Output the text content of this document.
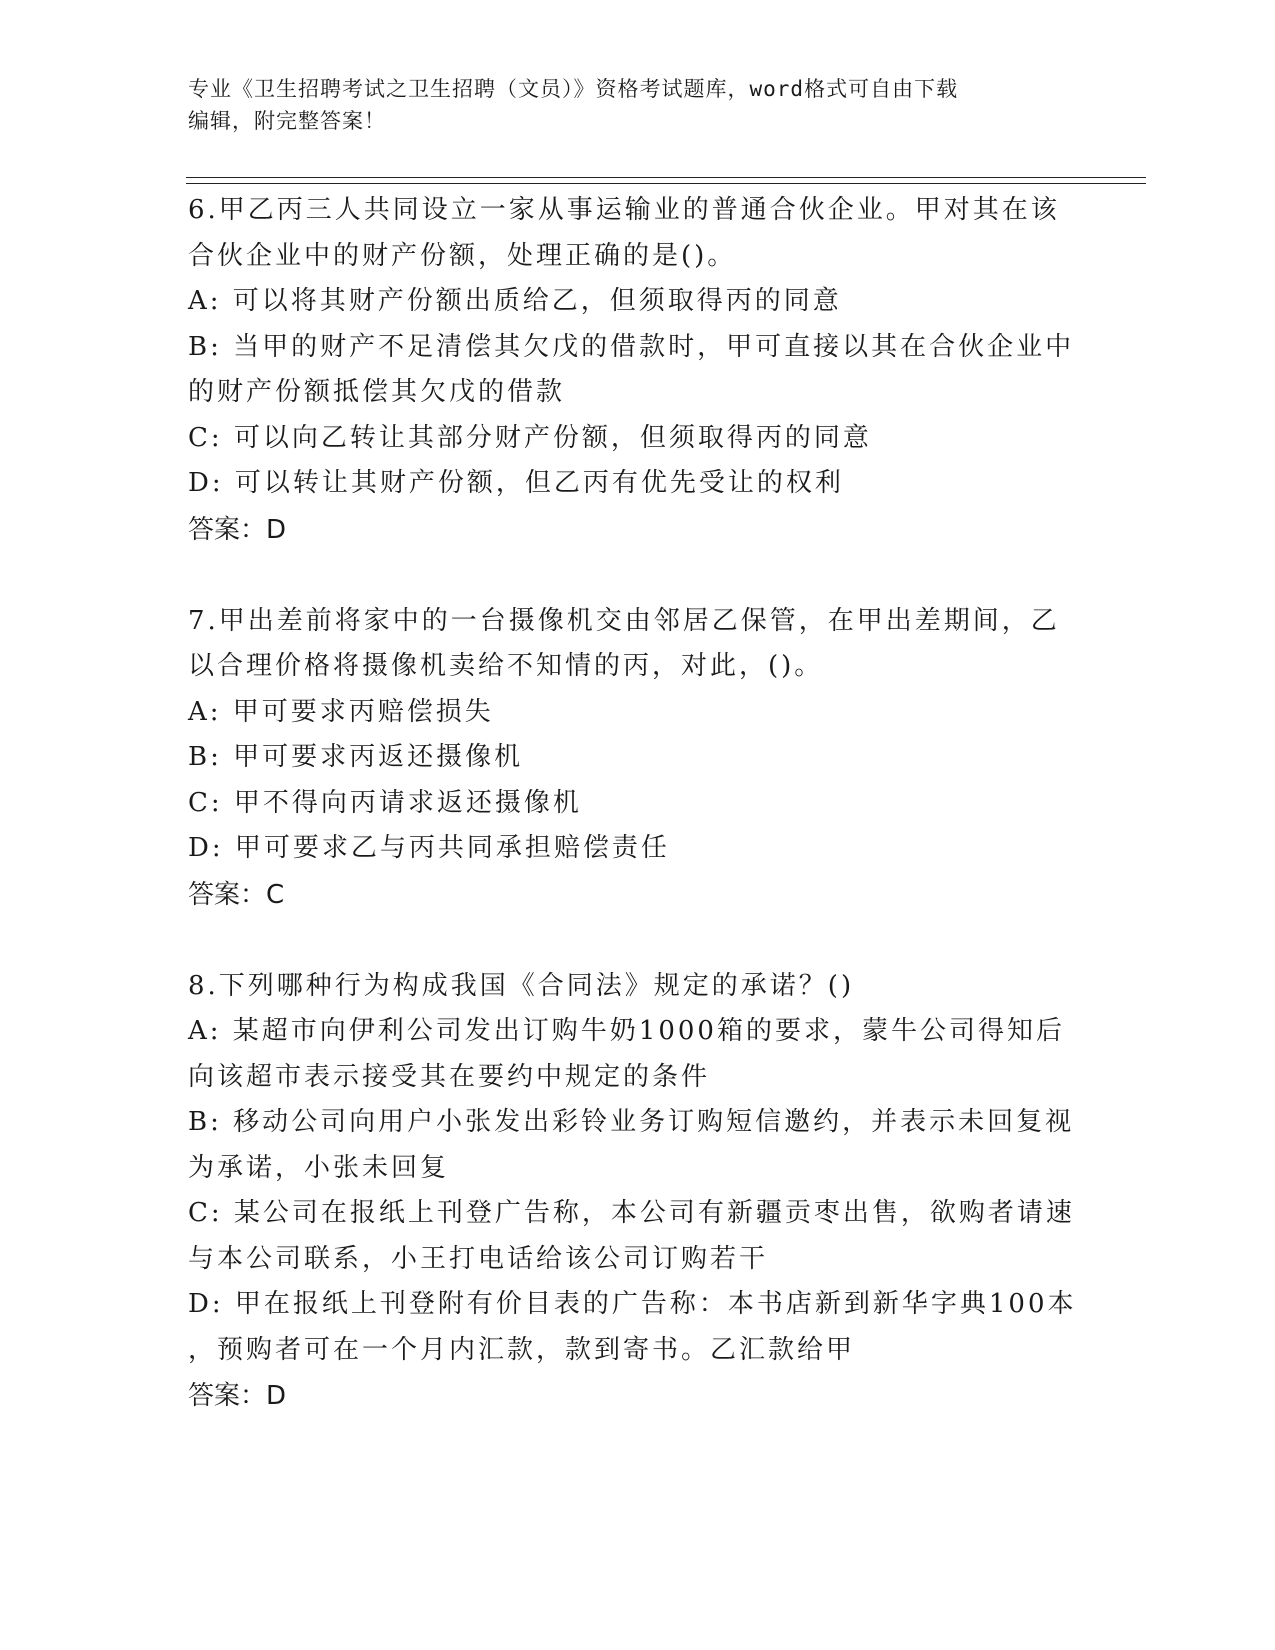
专业《卫生招聘考试之卫生招聘（文员）》资格考试题库，word格式可自由下载
编辑，附完整答案！
6.甲乙丙三人共同设立一家从事运输业的普通合伙企业。甲对其在该
合伙企业中的财产份额，处理正确的是()。
A: 可以将其财产份额出质给乙，但须取得丙的同意
B: 当甲的财产不足清偿其欠戊的借款时，甲可直接以其在合伙企业中
的财产份额抵偿其欠戊的借款
C: 可以向乙转让其部分财产份额，但须取得丙的同意
D: 可以转让其财产份额，但乙丙有优先受让的权利
答案：D
7.甲出差前将家中的一台摄像机交由邻居乙保管，在甲出差期间，乙
以合理价格将摄像机卖给不知情的丙，对此，()。
A: 甲可要求丙赔偿损失
B: 甲可要求丙返还摄像机
C: 甲不得向丙请求返还摄像机
D: 甲可要求乙与丙共同承担赔偿责任
答案：C
8.下列哪种行为构成我国《合同法》规定的承诺？()
A: 某超市向伊利公司发出订购牛奶1000箱的要求，蒙牛公司得知后
向该超市表示接受其在要约中规定的条件
B: 移动公司向用户小张发出彩铃业务订购短信邀约，并表示未回复视
为承诺，小张未回复
C: 某公司在报纸上刊登广告称，本公司有新疆贡枣出售，欲购者请速
与本公司联系，小王打电话给该公司订购若干
D: 甲在报纸上刊登附有价目表的广告称：本书店新到新华字典100本
，预购者可在一个月内汇款，款到寄书。乙汇款给甲
答案：D
